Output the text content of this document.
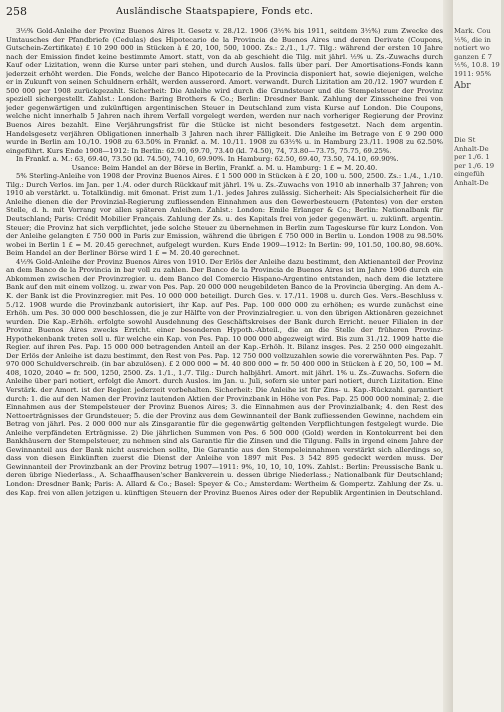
258	Ausländische Staatspapiere, Fonds etc.

3½% Gold-Anleihe der Provinz Buenos Aires lt. Gesetz v. 28./12. 1906 (3½% bis 1911, seitdem 3½%) zum Zwecke des Umtausches der Pfandbriefe (Cedulas) des Hipotecario de la Provincia de Buenos Aires und deren Derivate (Coupons, Gutschein-Zertifikate) £ 10 290 000 in Stücken à £ 20, 100, 500, 1000. Zs.: 2./1., 1./7. Tilg.: während der ersten 10 Jahre nach der Emission findet keine bestimmte Amort. statt, von da ab geschieht die Tilg. mit jährl. ½% u. Zs.-Zuwachs durch Kauf oder Lizitation, wenn die Kurse unter pari stehen, und durch Auslos. falls über pari. Der Amortisations-Fonds kann jederzeit erhöht werden. Die Fonds, welche der Banco Hipotecario de la Provincia disponiert hat, sowie diejenigen, welche er in Zukunft von seinen Schuldnern erhält, werden ausserord. Amort. verwandt. Durch Lizitation am 20./12. 1907 wurden £ 500 000 per 1908 zurückgezahlt. Sicherheit: Die Anleihe wird durch die Grundsteuer und die Stempelsteuer der Provinz speziell sichergestellt. Zahlst.: London: Baring Brothers & Co.; Berlin: Dresdner Bank. Zahlung der Zinsscheine frei von jeder gegenwärtigen und zukünftigen argentinischen Steuer in Deutschland zum vista Kurse auf London. Die Coupons, welche nicht innerhalb 5 Jahren nach ihrem Verfall vorgelegt werden, werden nur nach vorheriger Regierung der Provinz Buenos Aires bezahlt. Eine Verjährungsfrist für die Stücke ist nicht besonders festgesetzt. Nach dem argentin. Handelsgesetz verjähren Obligationen innerhalb 3 Jahren nach ihrer Fälligkeit. Die Anleihe im Betrage von £ 9 290 000 wurde in Berlin am 10./10. 1908 zu 63.50% in Frankf. a. M. 10./11. 1908 zu 63½% u. in Hamburg 23./11. 1908 zu 62.50% eingeführt. Kurs Ende 1908—1912: In Berlin: 62.90, 69.70, 73.40 (kl. 74.50), 74, 73.80—73.75, 75.75, 69.25%.

In Frankf. a. M.: 63, 69.40, 73.50 (kl. 74.50), 74.10, 69.90%. In Hamburg: 62.50, 69.40, 73.50, 74.10, 69.90%.

Usance: Beim Handel an der Börse in Berlin, Frankf. a. M. u. Hamburg: 1 £ = M. 20.40.

5% Sterling-Anleihe von 1908 der Provinz Buenos Aires. £ 1 500 000 in Stücken à £ 20, 100 u. 500, 2500. Zs.: 1./4., 1./10. Tilg.: Durch Verlos. im Jan. per 1./4. oder durch Rückkauf mit jährl. 1% u. Zs.-Zuwachs von 1910 ab innerhalb 37 Jahren; von 1910 ab verstärkt. u. Totalkündig. mit 6monat. Frist zum 1./1. jedes Jahres zulässig. Sicherheit: Als Specialsicherheit für die Anleihe dienen die der Provinzial-Regierung zufliessenden Einnahmen aus den Gewerbesteuern (Patentes) von der ersten Stelle, d. h. mit Vorrang vor allen späteren Anleihen. Zahlst.: London: Emile Erlanger & Co.; Berlin: Nationalbank für Deutschland; Paris: Crédit Mobilier Français. Zahlung der Zs. u. des Kapitals frei von jeder gegenwärt. u. zukünft. argentin. Steuer; die Provinz hat sich verpflichtet, jede solche Steuer zu übernehmen in Berlin zum Tageskurse für kurz London. Von der Anleihe gelangten £ 750 000 in Paris zur Emission, während die übrigen £ 750 000 in Berlin u. London 1908 zu 98.50% wobei in Berlin 1 £ = M. 20.45 gerechnet, aufgelegt wurden. Kurs Ende 1909—1912: In Berlin: 99, 101.50, 100.80, 98.60%. Beim Handel an der Berliner Börse wird 1 £ = M. 20.40 gerechnet.

4½% Gold-Anleihe der Provinz Buenos Aires von 1910. Der Erlös der Anleihe dazu bestimmt, den Aktienanteil der Provinz an dem Banco de la Provincia in bar voll zu zahlen. Der Banco de la Provincia de Buenos Aires ist im Jahre 1906 durch ein Abkommen zwischen der Provinzregier. u. dem Banco del Comercio Hispano-Argentino entstanden, nach dem die letztere Bank auf den mit einem vollzog. u. zwar von Pes. Pap. 20 000 000 neugebildeten Banco de la Provincia überging. An dem A.-K. der Bank ist die Provinzregier. mit Pes. 10 000 000 beteiligt. Durch Ges. v. 17./11. 1908 u. durch Ges. Vers.-Beschluss v. 5./12. 1908 wurde die Provinzbank autorisiert, ihr Kap. auf Pes. Pap. 100 000 000 zu erhöhen; es wurde zunächst eine Erhöh. um Pes. 30 000 000 beschlossen, die je zur Hälfte von der Provinzialregier. u. von den übrigen Aktionären gezeichnet wurden. Die Kap.-Erhöh. erfolgte sowohl Ausdehnung des Geschäftskreises der Bank durch Erricht. neuer Filialen in der Provinz Buenos Aires zwecks Erricht. einer besonderen Hypoth.-Abteil., die an die Stelle der früheren Provinz-Hypothekenbank treten soll u. für welche ein Kap. von Pes. Pap. 10 000 000 abgezweigt wird. Bis zum 31./12. 1909 hatte die Regier. auf ihren Pes. Pap. 15 000 000 betragenden Anteil an der Kap.-Erhöh. lt. Bilanz insges. Pes. 2 250 000 eingezahlt. Der Erlös der Anleihe ist dazu bestimmt, den Rest von Pes. Pap. 12 750 000 vollzuzahlen sowie die vorerwähnten Pes. Pap. 7 970 000 Schuldverschreib. (in bar abzulösen). £ 2 000 000 = M. 40 800 000 = fr. 50 400 000 in Stücken à £ 20, 50, 100 = M. 408, 1020, 2040 = fr. 500, 1250, 2500. Zs. 1./1., 1./7. Tilg.: Durch halbjährl. Amort. mit jährl. 1% u. Zs.-Zuwachs. Sofern die Anleihe über pari notiert, erfolgt die Amort. durch Auslos. im Jan. u. Juli, sofern sie unter pari notiert, durch Lizitation. Eine Verstärk. der Amort. ist der Regier. jederzeit vorbehalten. Sicherheit: Die Anleihe ist für Zins- u. Kap.-Rückzahl. garantiert durch: 1. die auf den Namen der Provinz lautenden Aktien der Provinzbank in Höhe von Pes. Pap. 25 000 000 nominal; 2. die Einnahmen aus der Stempelsteuer der Provinz Buenos Aires; 3. die Einnahmen aus der Provinzialbank; 4. den Rest des Nettoerträgnisses der Grundsteuer; 5. die der Provinz aus dem Gewinnanteil der Bank zufliessenden Gewinne, nachdem ein Betrag von jährl. Pes. 2 000 000 nur als Zinsgarantie für die gegenwärtig geltenden Verpflichtungen festgelegt wurde. Die Anleihe verpfändeten Erträgnisse. 2) Die jährlichen Summen von Pes. 6 500 000 (Gold) werden in Kontokurrent bei den Bankhäusern der Stempelsteuer, zu nehmen sind als Garantie für die Zinsen und die Tilgung. Falls in irgend einem Jahre der Gewinnanteil aus der Bank nicht ausreichen sollte, Die Garantie aus den Stempeleinnahmen verstärkt sich allerdings so, dass von diesen Einkünften zuerst die Dienst der Anleihe von 1897 mit Pes. 3 542 895 gedeckt werden muss. Der Gewinnanteil der Provinzbank an der Provinz betrug 1907—1911: 9%, 10, 10, 10, 10%. Zahlst.: Berlin: Preussische Bank u. deren übrige Niederlass., A. Schaaffhausen'scher Bankverein u. dessen übrige Niederlass.; Nationalbank für Deutschland; London: Dresdner Bank; Paris: A. Allard & Co.; Basel: Speyer & Co.; Amsterdam: Wertheim & Gompertz. Zahlung der Zs. u. des Kap. frei von allen jetzigen u. künftigen Steuern der Provinz Buenos Aires oder der Republik Argentinien in Deutschland.

Mark. Cou
½%, die in
notiert wo
ganzen £ 7
½%, 10.8. 19
1911: 95%
Abr
Die St
Anhalt-De
per 1./6. 1
per 1./6. 19
eingefüh
Anhalt-De
